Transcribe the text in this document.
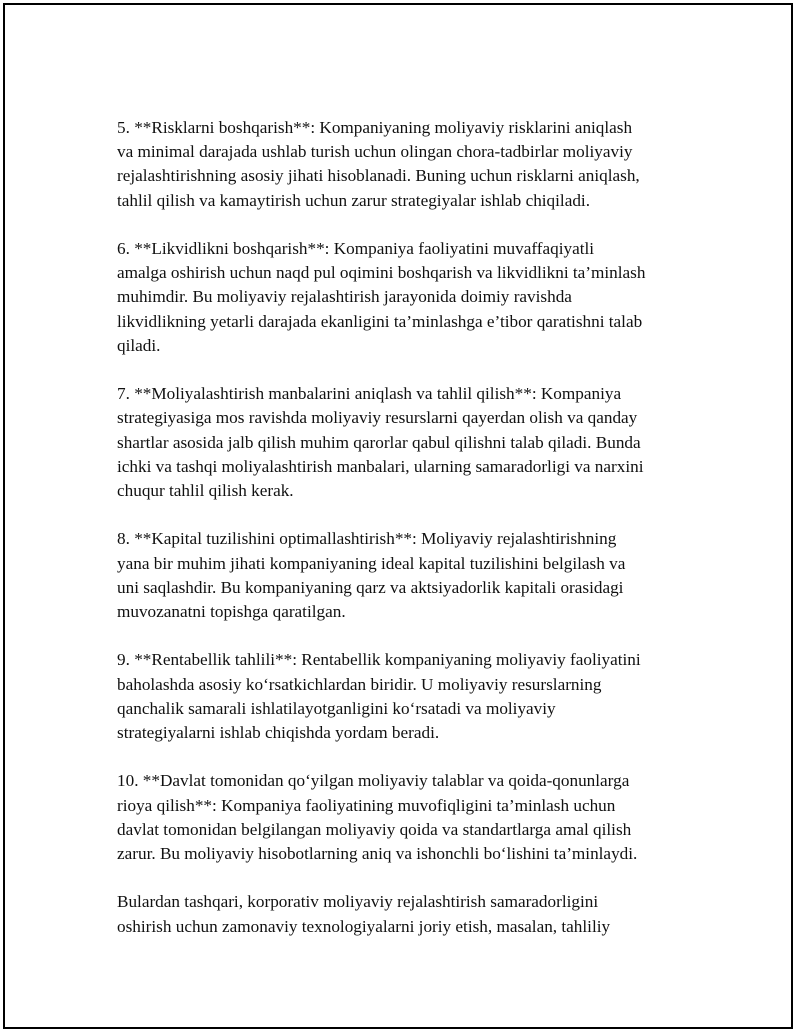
5. **Risklarni boshqarish**: Kompaniyaning moliyaviy risklarini aniqlash
va minimal darajada ushlab turish uchun olingan chora-tadbirlar moliyaviy
rejalashtirishning asosiy jihati hisoblanadi. Buning uchun risklarni aniqlash,
tahlil qilish va kamaytirish uchun zarur strategiyalar ishlab chiqiladi.

6. **Likvidlikni boshqarish**: Kompaniya faoliyatini muvaffaqiyatli
amalga oshirish uchun naqd pul oqimini boshqarish va likvidlikni ta’minlash
muhimdir. Bu moliyaviy rejalashtirish jarayonida doimiy ravishda
likvidlikning yetarli darajada ekanligini ta’minlashga e’tibor qaratishni talab
qiladi.

7. **Moliyalashtirish manbalarini aniqlash va tahlil qilish**: Kompaniya
strategiyasiga mos ravishda moliyaviy resurslarni qayerdan olish va qanday
shartlar asosida jalb qilish muhim qarorlar qabul qilishni talab qiladi. Bunda
ichki va tashqi moliyalashtirish manbalari, ularning samaradorligi va narxini
chuqur tahlil qilish kerak.

8. **Kapital tuzilishini optimallashtirish**: Moliyaviy rejalashtirishning
yana bir muhim jihati kompaniyaning ideal kapital tuzilishini belgilash va
uni saqlashdir. Bu kompaniyaning qarz va aktsiyadorlik kapitali orasidagi
muvozanatni topishga qaratilgan.

9. **Rentabellik tahlili**: Rentabellik kompaniyaning moliyaviy faoliyatini
baholashda asosiy ko‘rsatkichlardan biridir. U moliyaviy resurslarning
qanchalik samarali ishlatilayotganligini ko‘rsatadi va moliyaviy
strategiyalarni ishlab chiqishda yordam beradi.

10. **Davlat tomonidan qo‘yilgan moliyaviy talablar va qoida-qonunlarga
rioya qilish**: Kompaniya faoliyatining muvofiqligini ta’minlash uchun
davlat tomonidan belgilangan moliyaviy qoida va standartlarga amal qilish
zarur. Bu moliyaviy hisobotlarning aniq va ishonchli bo‘lishini ta’minlaydi.

Bulardan tashqari, korporativ moliyaviy rejalashtirish samaradorligini
oshirish uchun zamonaviy texnologiyalarni joriy etish, masalan, tahliliy
